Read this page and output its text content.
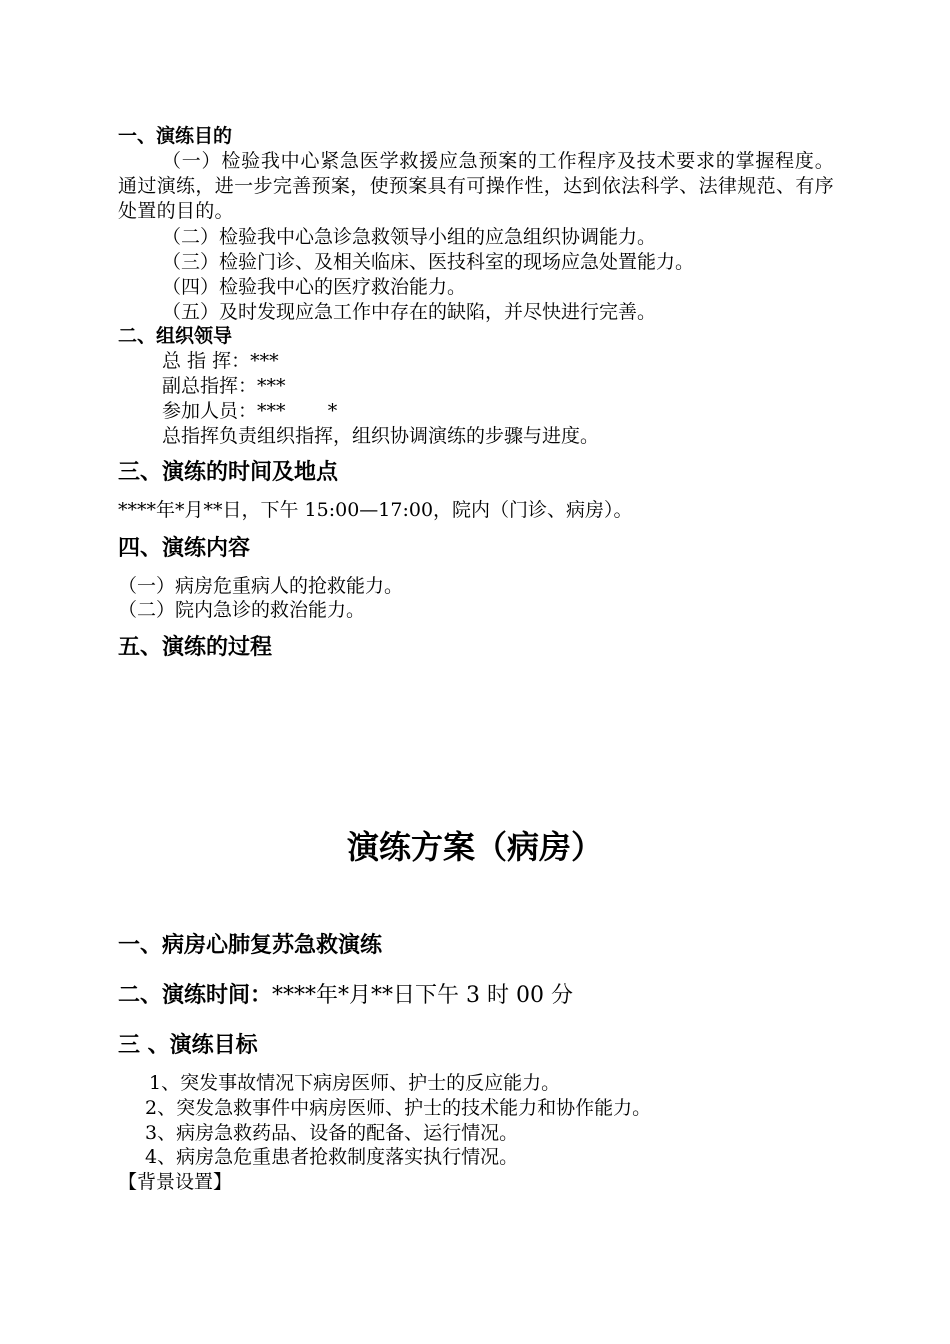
一、演练目的
（一）检验我中心紧急医学救援应急预案的工作程序及技术要求的掌握程度。通过演练，进一步完善预案，使预案具有可操作性，达到依法科学、法律规范、有序处置的目的。
（二）检验我中心急诊急救领导小组的应急组织协调能力。
（三）检验门诊、及相关临床、医技科室的现场应急处置能力。
（四）检验我中心的医疗救治能力。
（五）及时发现应急工作中存在的缺陷，并尽快进行完善。
二、组织领导
总 指 挥：***
副总指挥：***
参加人员：***       *
总指挥负责组织指挥，组织协调演练的步骤与进度。
三、演练的时间及地点
****年*月**日，下午 15:00—17:00，院内（门诊、病房）。
四、演练内容
（一）病房危重病人的抢救能力。
（二）院内急诊的救治能力。
五、演练的过程
演练方案（病房）
一、病房心肺复苏急救演练
二、演练时间：****年*月**日下午 3 时 00 分
三 、演练目标
1、突发事故情况下病房医师、护士的反应能力。
2、突发急救事件中病房医师、护士的技术能力和协作能力。
3、病房急救药品、设备的配备、运行情况。
4、病房急危重患者抢救制度落实执行情况。
【背景设置】
